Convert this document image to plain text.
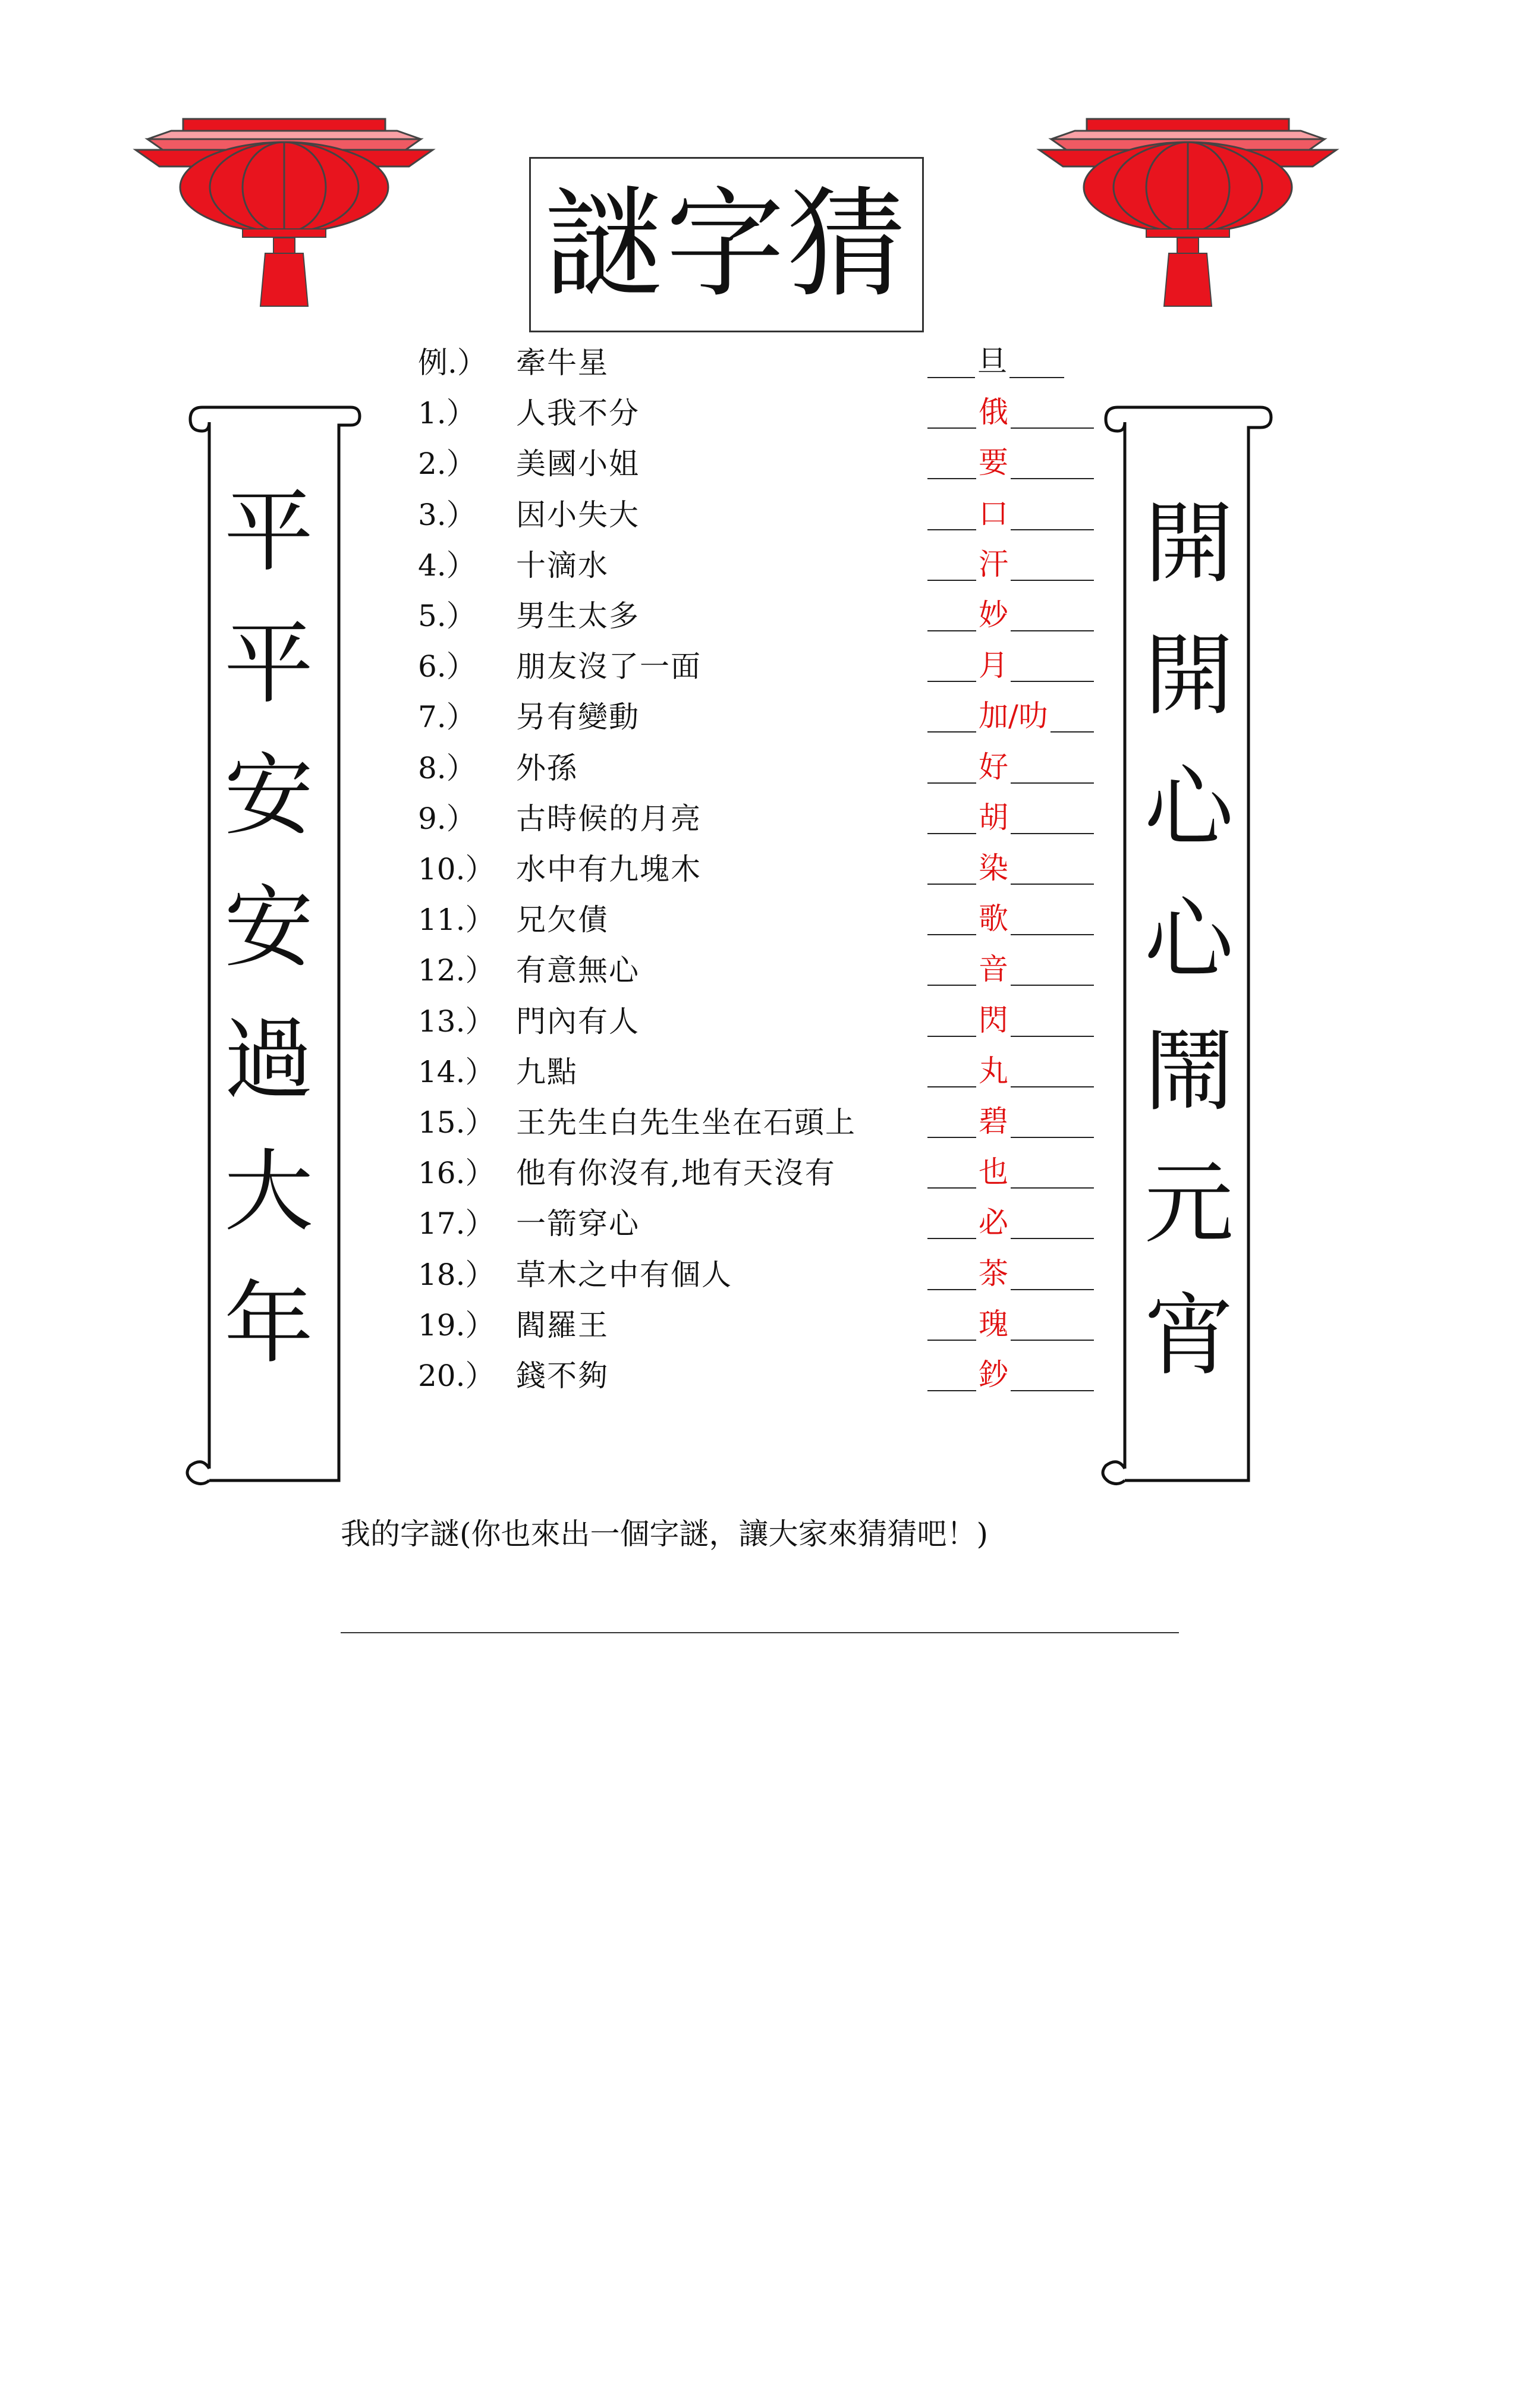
謎字猜
平
平
安
安
過
大
年
開
開
心
心
鬧
元
宵
例.） 牽牛星	旦
1.） 人我不分	俄
2.） 美國小姐	要
3.） 因小失大	口
4.） 十滴水	汗
5.） 男生太多	妙
6.） 朋友沒了一面	月
7.） 另有變動	加/叻
8.） 外孫	好
9.） 古時候的月亮	胡
10.） 水中有九塊木	染
11.） 兄欠債	歌
12.） 有意無心	音
13.） 門內有人	閃
14.） 九點	丸
15.） 王先生白先生坐在石頭上	碧
16.） 他有你沒有,地有天沒有	也
17.） 一箭穿心	必
18.） 草木之中有個人	茶
19.） 閻羅王	瑰
20.） 錢不夠	鈔
我的字謎(你也來出一個字謎，讓大家來猜猜吧！)
